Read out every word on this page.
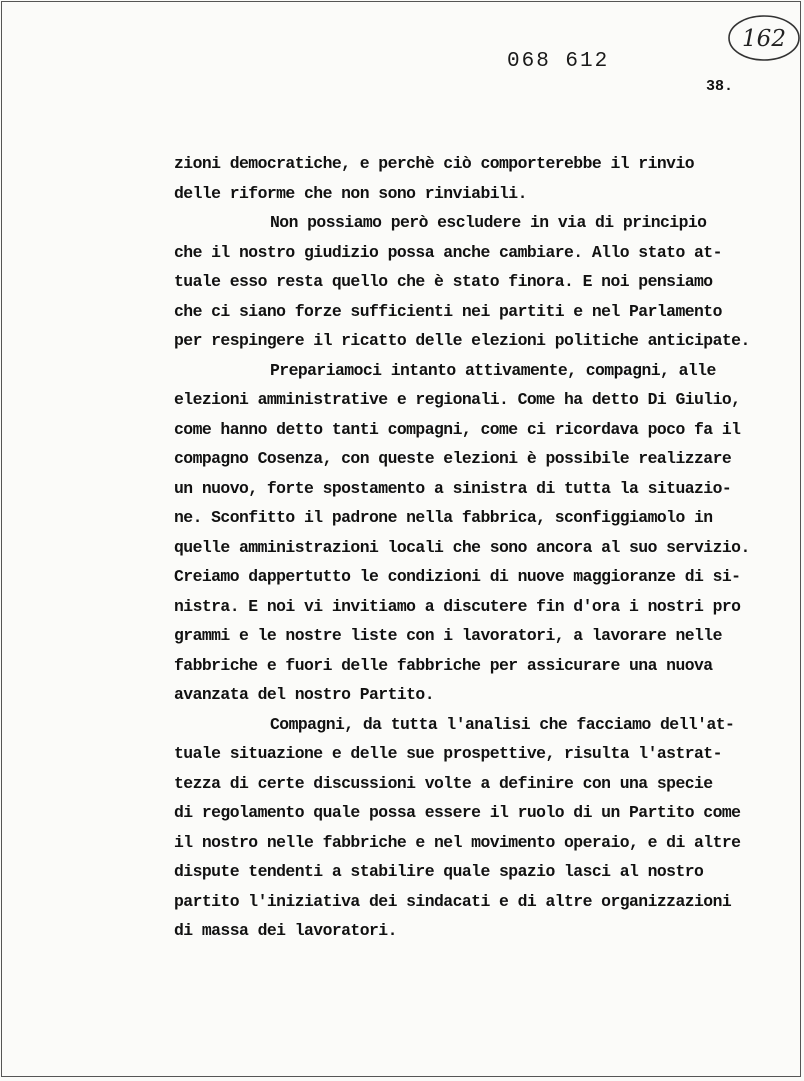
068 612
162
38.
zioni democratiche, e perchè ciò comporterebbe il rinvio
delle riforme che non sono rinviabili.
Non possiamo però escludere in via di principio
che il nostro giudizio possa anche cambiare. Allo stato at-
tuale esso resta quello che è stato finora. E noi pensiamo
che ci siano forze sufficienti nei partiti e nel Parlamento
per respingere il ricatto delle elezioni politiche anticipate.
Prepariamoci intanto attivamente, compagni, alle
elezioni amministrative e regionali. Come ha detto Di Giulio,
come hanno detto tanti compagni, come ci ricordava poco fa il
compagno Cosenza, con queste elezioni è possibile realizzare
un nuovo, forte spostamento a sinistra di tutta la situazio-
ne. Sconfitto il padrone nella fabbrica, sconfiggiamolo in
quelle amministrazioni locali che sono ancora al suo servizio.
Creiamo dappertutto le condizioni di nuove maggioranze di si-
nistra. E noi vi invitiamo a discutere fin d'ora i nostri pro
grammi e le nostre liste con i lavoratori, a lavorare nelle
fabbriche e fuori delle fabbriche per assicurare una nuova
avanzata del nostro Partito.
Compagni, da tutta l'analisi che facciamo dell'at-
tuale situazione e delle sue prospettive, risulta l'astrat-
tezza di certe discussioni volte a definire con una specie
di regolamento quale possa essere il ruolo di un Partito come
il nostro nelle fabbriche e nel movimento operaio, e di altre
dispute tendenti a stabilire quale spazio lasci al nostro
partito l'iniziativa dei sindacati e di altre organizzazioni
di massa dei lavoratori.
